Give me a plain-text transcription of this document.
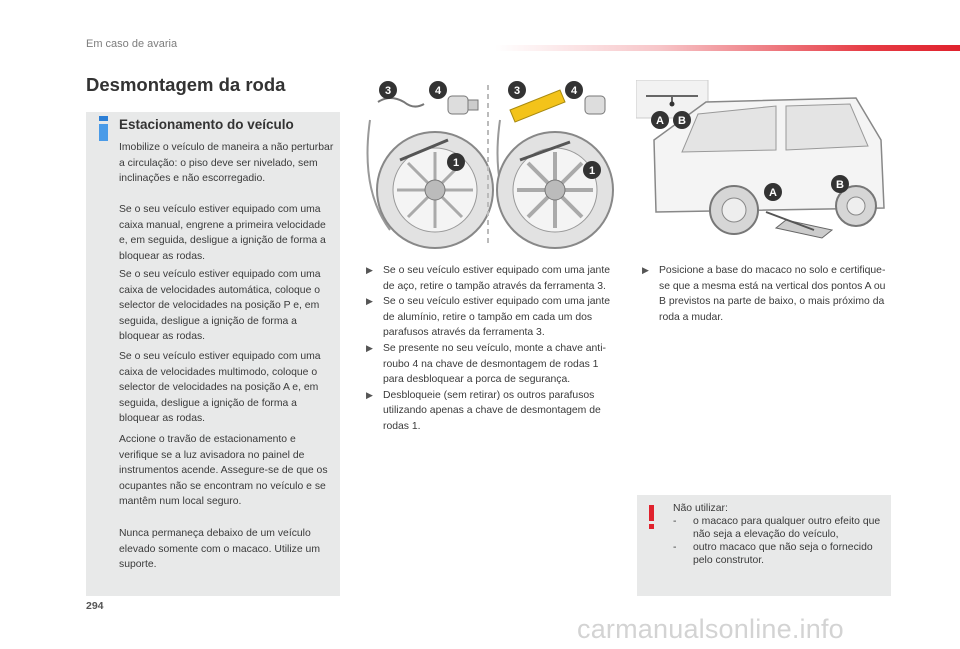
Em caso de avaria
Desmontagem da roda
Estacionamento do veículo

Imobilize o veículo de maneira a não perturbar a circulação: o piso deve ser nivelado, sem inclinações e não escorregadio.

Se o seu veículo estiver equipado com uma caixa manual, engrene a primeira velocidade e, em seguida, desligue a ignição de forma a bloquear as rodas.

Se o seu veículo estiver equipado com uma caixa de velocidades automática, coloque o selector de velocidades na posição P e, em seguida, desligue a ignição de forma a bloquear as rodas.

Se o seu veículo estiver equipado com uma caixa de velocidades multimodo, coloque o selector de velocidades na posição A e, em seguida, desligue a ignição de forma a bloquear as rodas.

Accione o travão de estacionamento e verifique se a luz avisadora no painel de instrumentos acende. Assegure-se de que os ocupantes não se encontram no veículo e se mantêm num local seguro.

Nunca permaneça debaixo de um veículo elevado somente com o macaco. Utilize um suporte.

3	4	3	4
1
1
A B
A
B

▶ Se o seu veículo estiver equipado com uma jante de aço, retire o tampão através da ferramenta 3.

▶ Se o seu veículo estiver equipado com uma jante de alumínio, retire o tampão em cada um dos parafusos através da ferramenta 3.

▶ Se presente no seu veículo, monte a chave anti-roubo 4 na chave de desmontagem de rodas 1 para desbloquear a porca de segurança.

▶ Desbloqueie (sem retirar) os outros parafusos utilizando apenas a chave de desmontagem de rodas 1.

▶ Posicione a base do macaco no solo e certifique-se que a mesma está na vertical dos pontos A ou B previstos na parte de baixo, o mais próximo da roda a mudar.

Não utilizar:
- o macaco para qualquer outro efeito que não seja a elevação do veículo,
- outro macaco que não seja o fornecido pelo construtor.
294
carmanualsonline.info
